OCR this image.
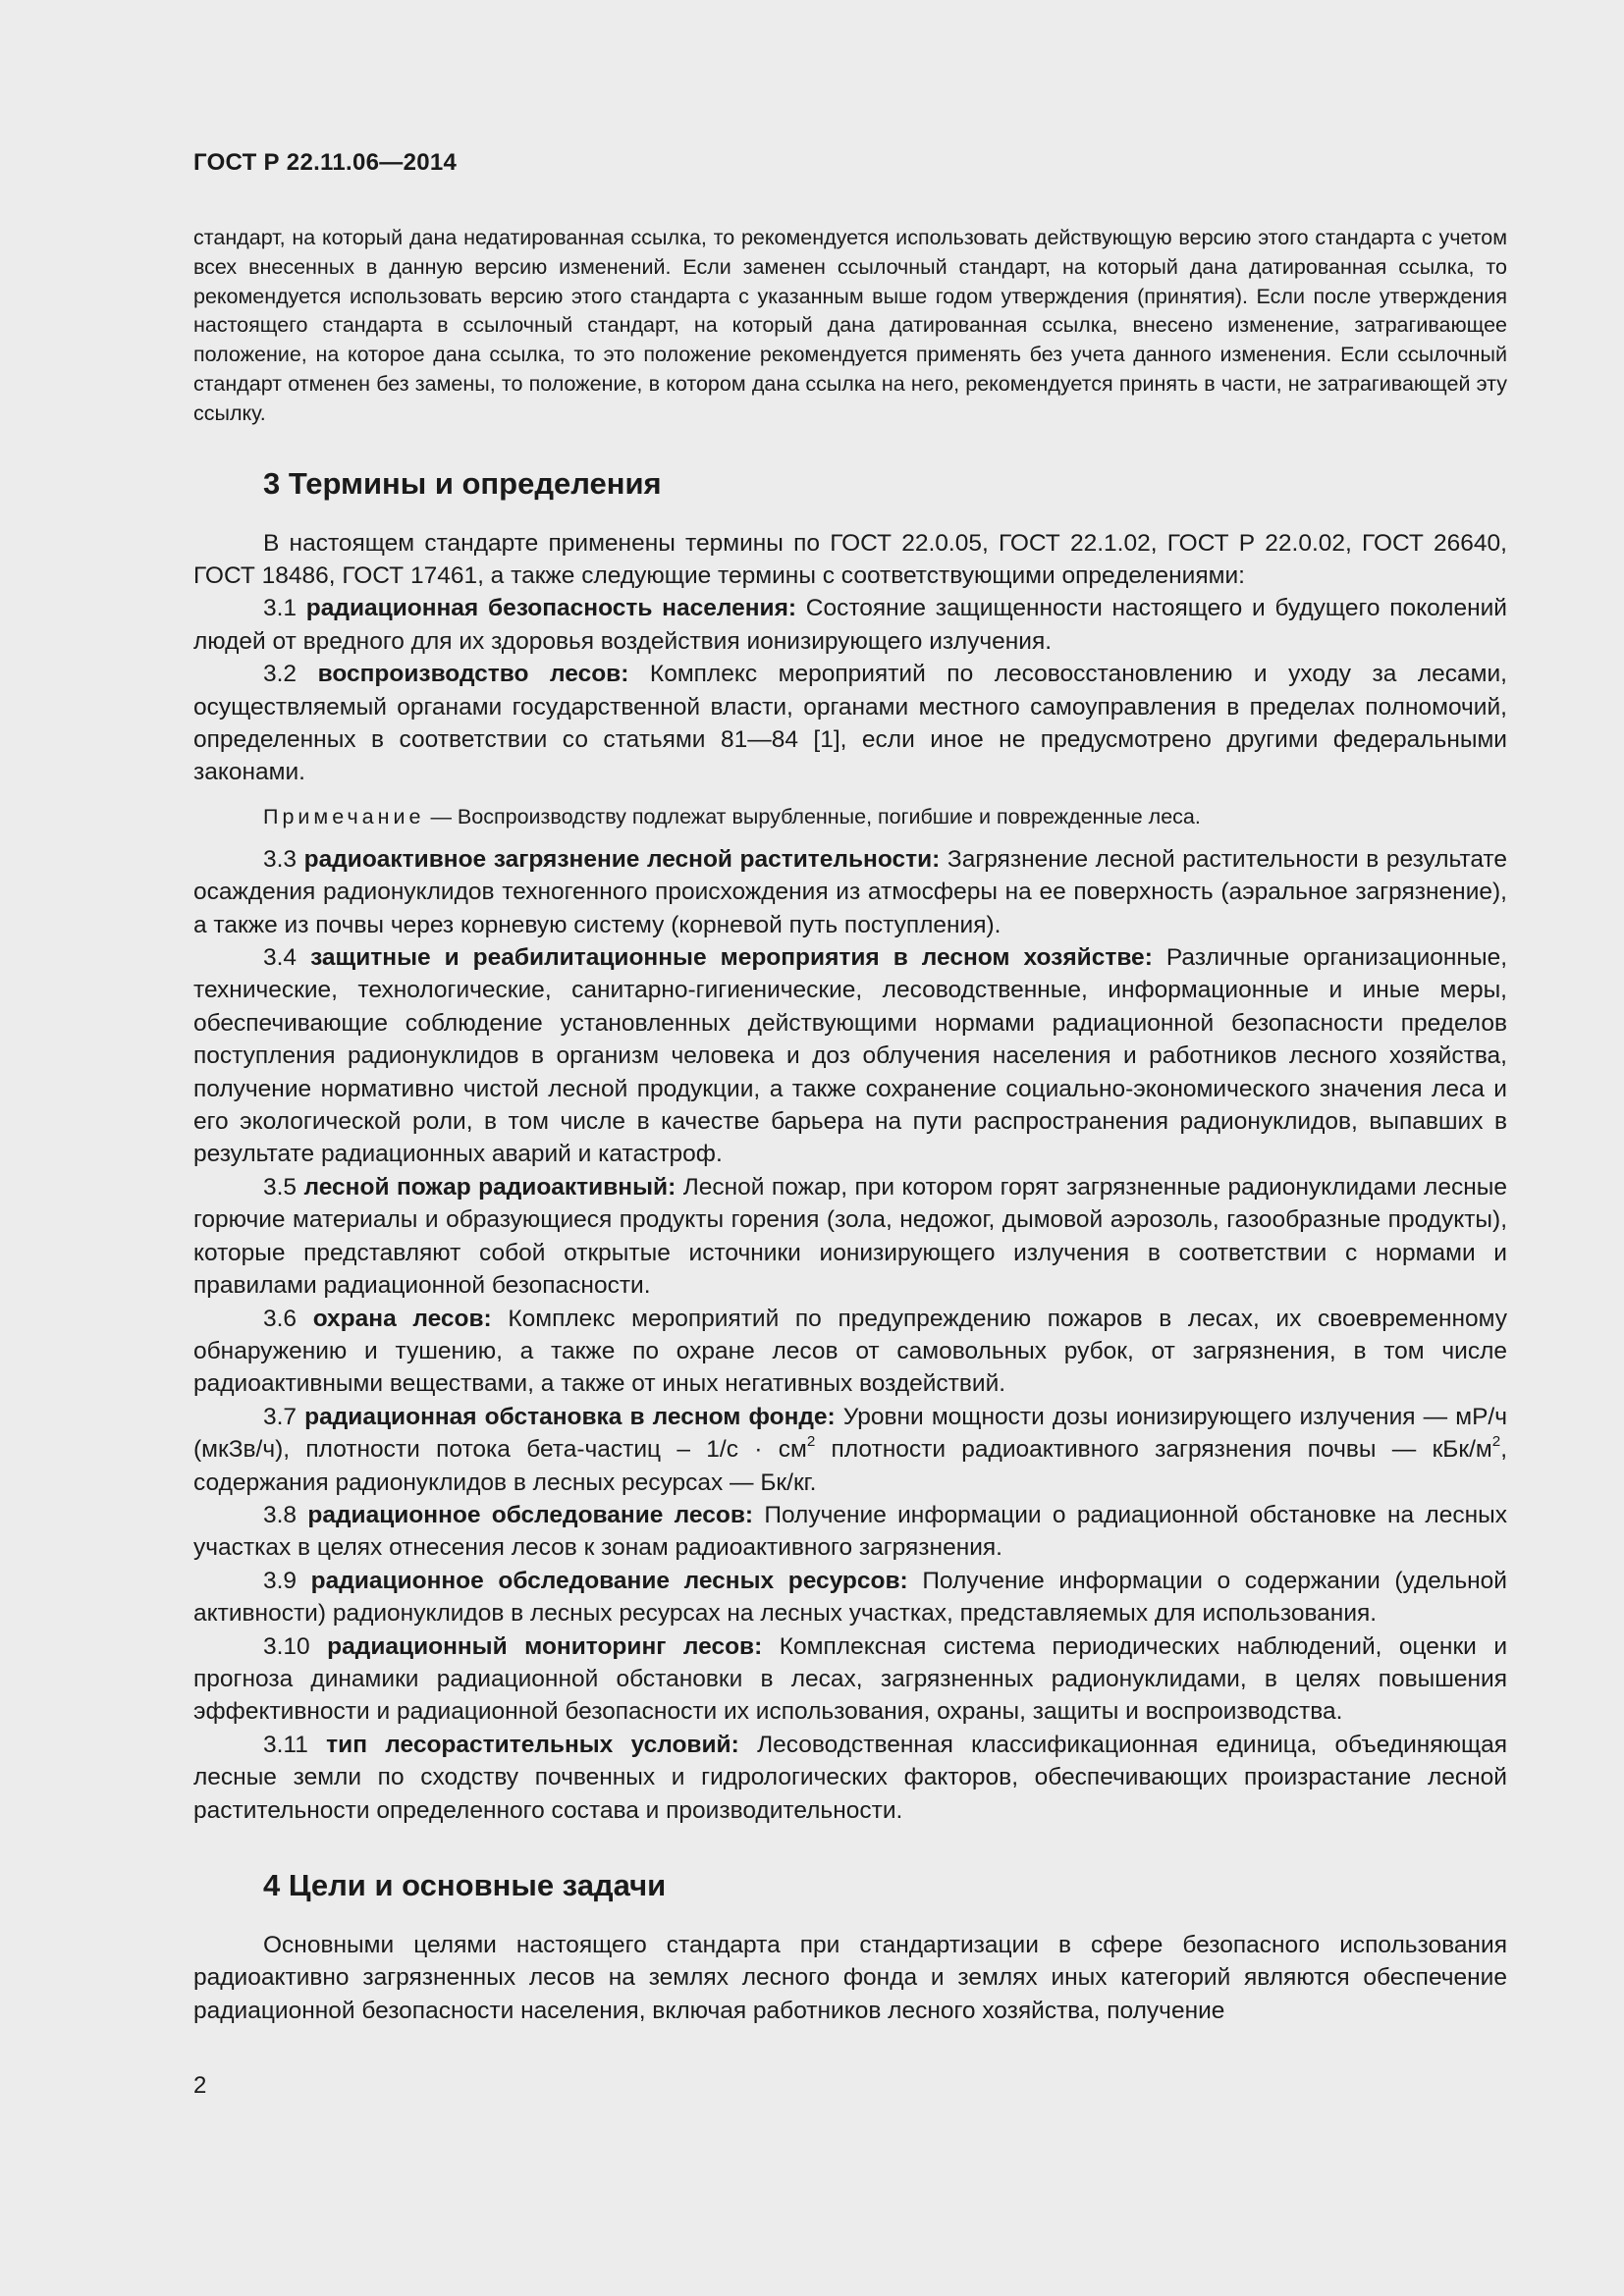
ГОСТ Р 22.11.06—2014

стандарт, на который дана недатированная ссылка, то рекомендуется использовать действующую версию этого стандарта с учетом всех внесенных в данную версию изменений. Если заменен ссылочный стандарт, на который дана датированная ссылка, то рекомендуется использовать версию этого стандарта с указанным выше годом утверждения (принятия). Если после утверждения настоящего стандарта в ссылочный стандарт, на который дана датированная ссылка, внесено изменение, затрагивающее положение, на которое дана ссылка, то это положение рекомендуется применять без учета данного изменения. Если ссылочный стандарт отменен без замены, то положение, в котором дана ссылка на него, рекомендуется принять в части, не затрагивающей эту ссылку.

3 Термины и определения

В настоящем стандарте применены термины по ГОСТ 22.0.05, ГОСТ 22.1.02, ГОСТ Р 22.0.02, ГОСТ 26640, ГОСТ 18486, ГОСТ 17461, а также следующие термины с соответствующими определениями:

3.1 радиационная безопасность населения: Состояние защищенности настоящего и будущего поколений людей от вредного для их здоровья воздействия ионизирующего излучения.

3.2 воспроизводство лесов: Комплекс мероприятий по лесовосстановлению и уходу за лесами, осуществляемый органами государственной власти, органами местного самоуправления в пределах полномочий, определенных в соответствии со статьями 81—84 [1], если иное не предусмотрено другими федеральными законами.

Примечание — Воспроизводству подлежат вырубленные, погибшие и поврежденные леса.

3.3 радиоактивное загрязнение лесной растительности: Загрязнение лесной растительности в результате осаждения радионуклидов техногенного происхождения из атмосферы на ее поверхность (аэральное загрязнение), а также из почвы через корневую систему (корневой путь поступления).

3.4 защитные и реабилитационные мероприятия в лесном хозяйстве: Различные организационные, технические, технологические, санитарно-гигиенические, лесоводственные, информационные и иные меры, обеспечивающие соблюдение установленных действующими нормами радиационной безопасности пределов поступления радионуклидов в организм человека и доз облучения населения и работников лесного хозяйства, получение нормативно чистой лесной продукции, а также сохранение социально-экономического значения леса и его экологической роли, в том числе в качестве барьера на пути распространения радионуклидов, выпавших в результате радиационных аварий и катастроф.

3.5 лесной пожар радиоактивный: Лесной пожар, при котором горят загрязненные радионуклидами лесные горючие материалы и образующиеся продукты горения (зола, недожог, дымовой аэрозоль, газообразные продукты), которые представляют собой открытые источники ионизирующего излучения в соответствии с нормами и правилами радиационной безопасности.

3.6 охрана лесов: Комплекс мероприятий по предупреждению пожаров в лесах, их своевременному обнаружению и тушению, а также по охране лесов от самовольных рубок, от загрязнения, в том числе радиоактивными веществами, а также от иных негативных воздействий.

3.7 радиационная обстановка в лесном фонде: Уровни мощности дозы ионизирующего излучения — мР/ч (мкЗв/ч), плотности потока бета-частиц – $1/с \cdot см^2$ плотности радиоактивного загрязнения почвы — кБк/$м^2$, содержания радионуклидов в лесных ресурсах — Бк/кг.

3.8 радиационное обследование лесов: Получение информации о радиационной обстановке на лесных участках в целях отнесения лесов к зонам радиоактивного загрязнения.

3.9 радиационное обследование лесных ресурсов: Получение информации о содержании (удельной активности) радионуклидов в лесных ресурсах на лесных участках, представляемых для использования.

3.10 радиационный мониторинг лесов: Комплексная система периодических наблюдений, оценки и прогноза динамики радиационной обстановки в лесах, загрязненных радионуклидами, в целях повышения эффективности и радиационной безопасности их использования, охраны, защиты и воспроизводства.

3.11 тип лесорастительных условий: Лесоводственная классификационная единица, объединяющая лесные земли по сходству почвенных и гидрологических факторов, обеспечивающих произрастание лесной растительности определенного состава и производительности.

4 Цели и основные задачи

Основными целями настоящего стандарта при стандартизации в сфере безопасного использования радиоактивно загрязненных лесов на землях лесного фонда и землях иных категорий являются обеспечение радиационной безопасности населения, включая работников лесного хозяйства, получение

2
